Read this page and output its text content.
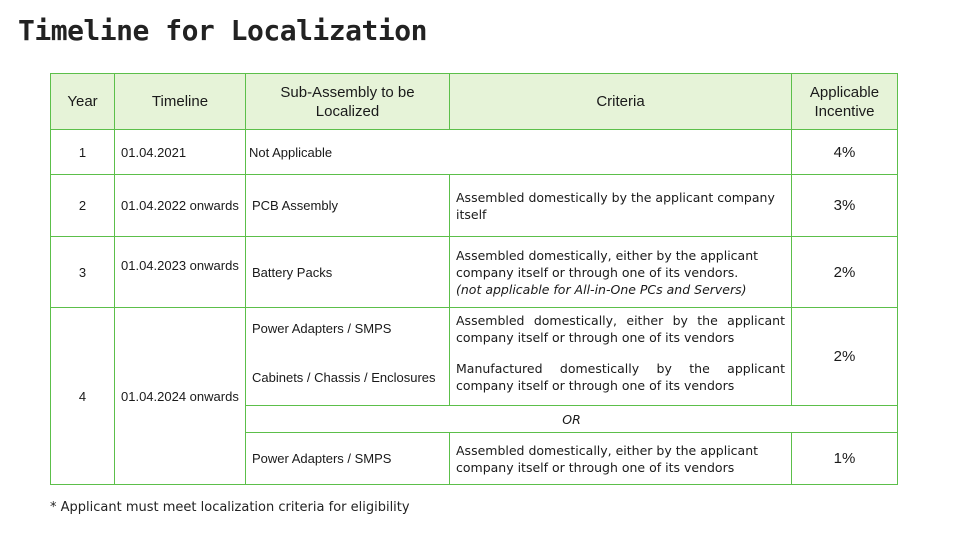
Timeline for Localization
Year	Timeline	Sub-Assembly to be Localized	Criteria	Applicable Incentive
1	01.04.2021	Not Applicable		4%
2	01.04.2022 onwards	PCB Assembly	Assembled domestically by the applicant company itself	3%
3	01.04.2023 onwards	Battery Packs	Assembled domestically, either by the applicant company itself or through one of its vendors.
(not applicable for All-in-One PCs and Servers)	2%
4	01.04.2024 onwards	Power Adapters / SMPS	Assembled domestically, either by the applicant company itself or through one of its vendors	2%
		Cabinets / Chassis / Enclosures	Manufactured domestically by the applicant company itself or through one of its vendors	
		OR		
		Power Adapters / SMPS	Assembled domestically, either by the applicant company itself or through one of its vendors	1%
* Applicant must meet localization criteria for eligibility
